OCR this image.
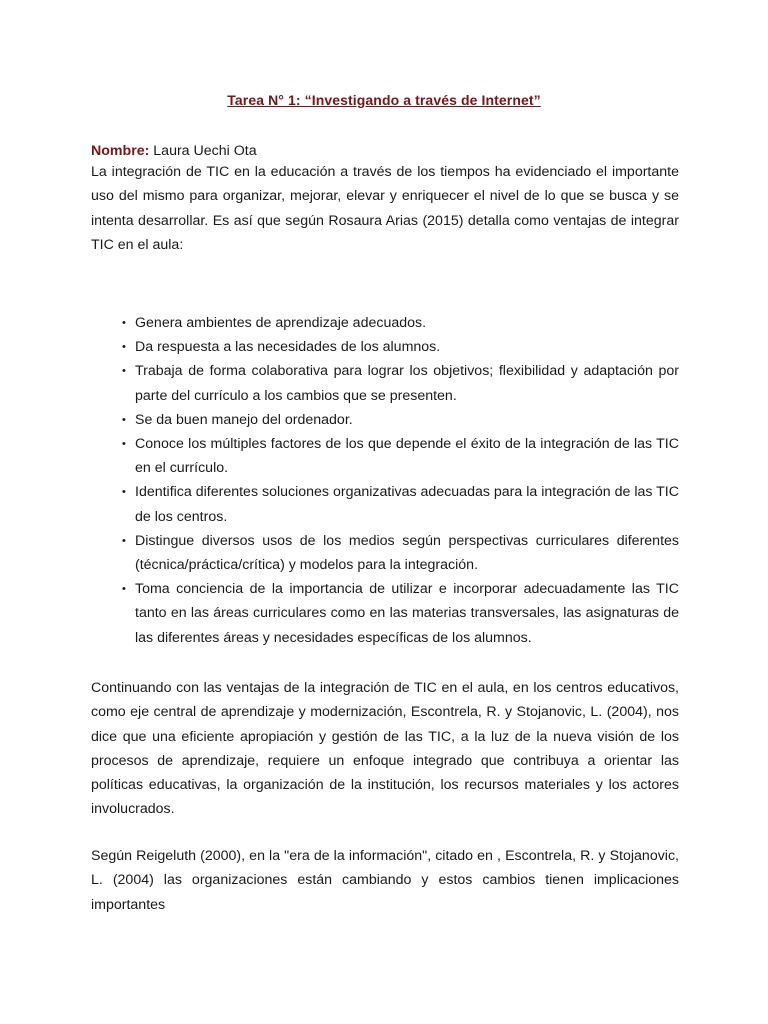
Tarea N° 1: “Investigando a través de Internet”
Nombre: Laura Uechi Ota

La integración de TIC en la educación a través de los tiempos ha evidenciado el importante uso del mismo para organizar, mejorar, elevar y enriquecer el nivel de lo que se busca y se intenta desarrollar. Es así que según Rosaura Arias (2015) detalla como ventajas de integrar TIC en el aula:

• Genera ambientes de aprendizaje adecuados.
• Da respuesta a las necesidades de los alumnos.
• Trabaja de forma colaborativa para lograr los objetivos; flexibilidad y adaptación por parte del currículo a los cambios que se presenten.
• Se da buen manejo del ordenador.
• Conoce los múltiples factores de los que depende el éxito de la integración de las TIC en el currículo.
• Identifica diferentes soluciones organizativas adecuadas para la integración de las TIC de los centros.
• Distingue diversos usos de los medios según perspectivas curriculares diferentes (técnica/práctica/crítica) y modelos para la integración.
• Toma conciencia de la importancia de utilizar e incorporar adecuadamente las TIC tanto en las áreas curriculares como en las materias transversales, las asignaturas de las diferentes áreas y necesidades específicas de los alumnos.

Continuando con las ventajas de la integración de TIC en el aula, en los centros educativos, como eje central de aprendizaje y modernización, Escontrela, R. y Stojanovic, L. (2004), nos dice que una eficiente apropiación y gestión de las TIC, a la luz de la nueva visión de los procesos de aprendizaje, requiere un enfoque integrado que contribuya a orientar las políticas educativas, la organización de la institución, los recursos materiales y los actores involucrados.

Según Reigeluth (2000), en la "era de la información", citado en , Escontrela, R. y Stojanovic, L. (2004) las organizaciones están cambiando y estos cambios tienen implicaciones importantes
